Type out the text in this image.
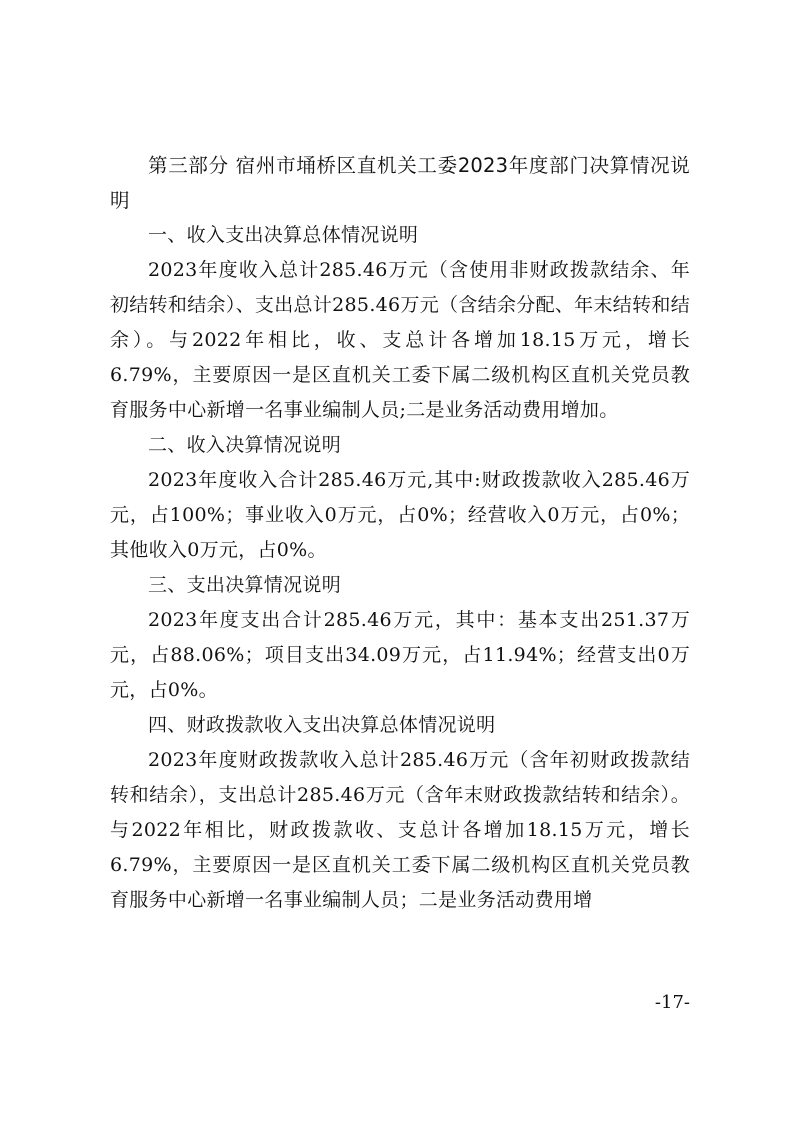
第三部分 宿州市埇桥区直机关工委2023年度部门决算情况说明

一、收入支出决算总体情况说明

2023年度收入总计285.46万元（含使用非财政拨款结余、年初结转和结余）、支出总计285.46万元（含结余分配、年末结转和结余）。与2022年相比，收、支总计各增加18.15万元，增长6.79%，主要原因一是区直机关工委下属二级机构区直机关党员教育服务中心新增一名事业编制人员;二是业务活动费用增加。

二、收入决算情况说明

2023年度收入合计285.46万元,其中:财政拨款收入285.46万元，占100%；事业收入0万元，占0%；经营收入0万元，占0%；其他收入0万元，占0%。

三、支出决算情况说明

2023年度支出合计285.46万元，其中：基本支出251.37万元，占88.06%；项目支出34.09万元，占11.94%；经营支出0万元，占0%。

四、财政拨款收入支出决算总体情况说明

2023年度财政拨款收入总计285.46万元（含年初财政拨款结转和结余），支出总计285.46万元（含年末财政拨款结转和结余）。与2022年相比，财政拨款收、支总计各增加18.15万元，增长6.79%，主要原因一是区直机关工委下属二级机构区直机关党员教育服务中心新增一名事业编制人员；二是业务活动费用增

-17-
